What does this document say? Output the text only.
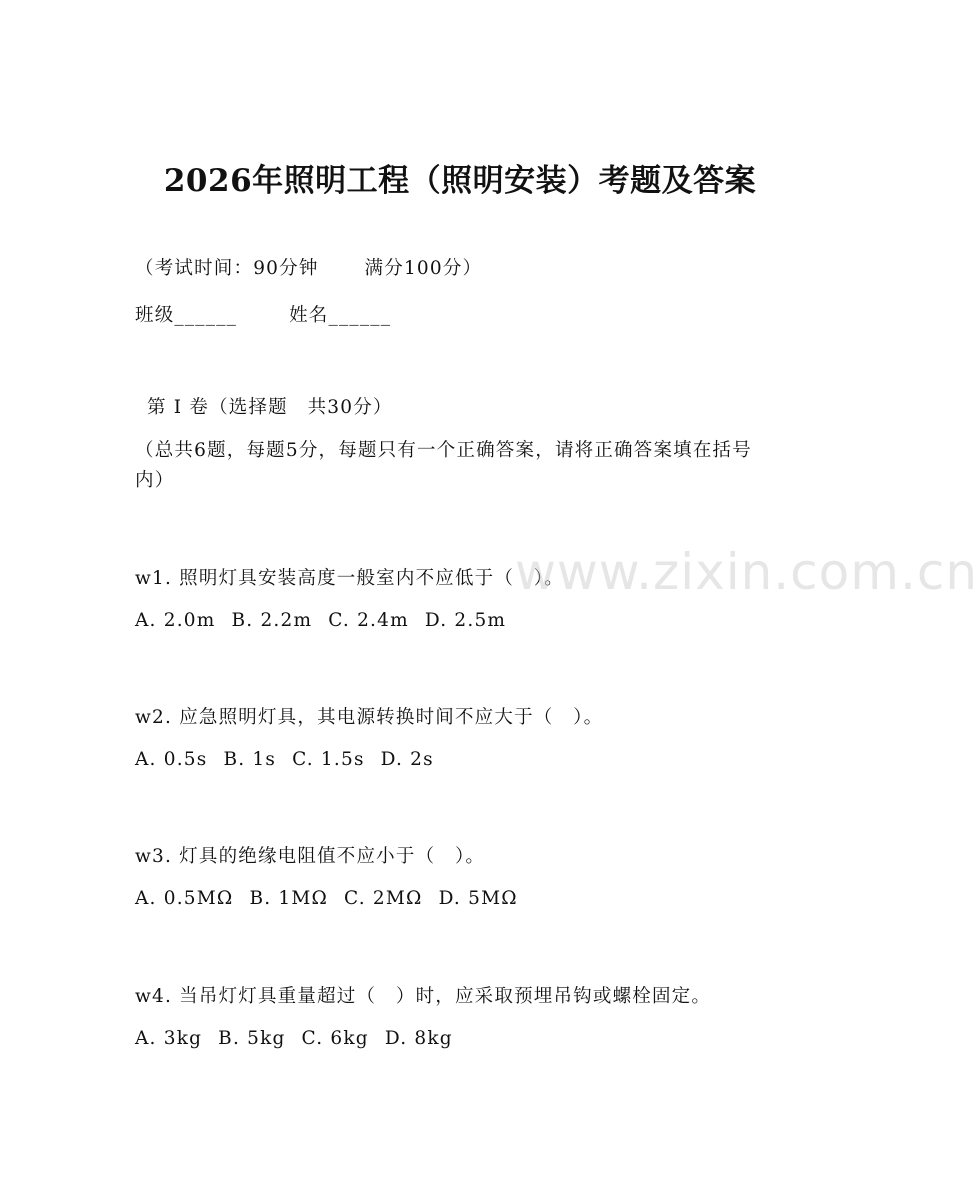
2026年照明工程（照明安装）考题及答案
（考试时间：90分钟 满分100分）
班级______	姓名______
第 I 卷（选择题　共30分）
（总共6题，每题5分，每题只有一个正确答案，请将正确答案填在括号内）
w1. 照明灯具安装高度一般室内不应低于（　）。
A. 2.0m B. 2.2m C. 2.4m D. 2.5m
w2. 应急照明灯具，其电源转换时间不应大于（　）。
A. 0.5s B. 1s C. 1.5s D. 2s
w3. 灯具的绝缘电阻值不应小于（　）。
A. 0.5MΩ B. 1MΩ C. 2MΩ D. 5MΩ
w4. 当吊灯灯具重量超过（　）时，应采取预埋吊钩或螺栓固定。
A. 3kg B. 5kg C. 6kg D. 8kg
www.zixin.com.cn
